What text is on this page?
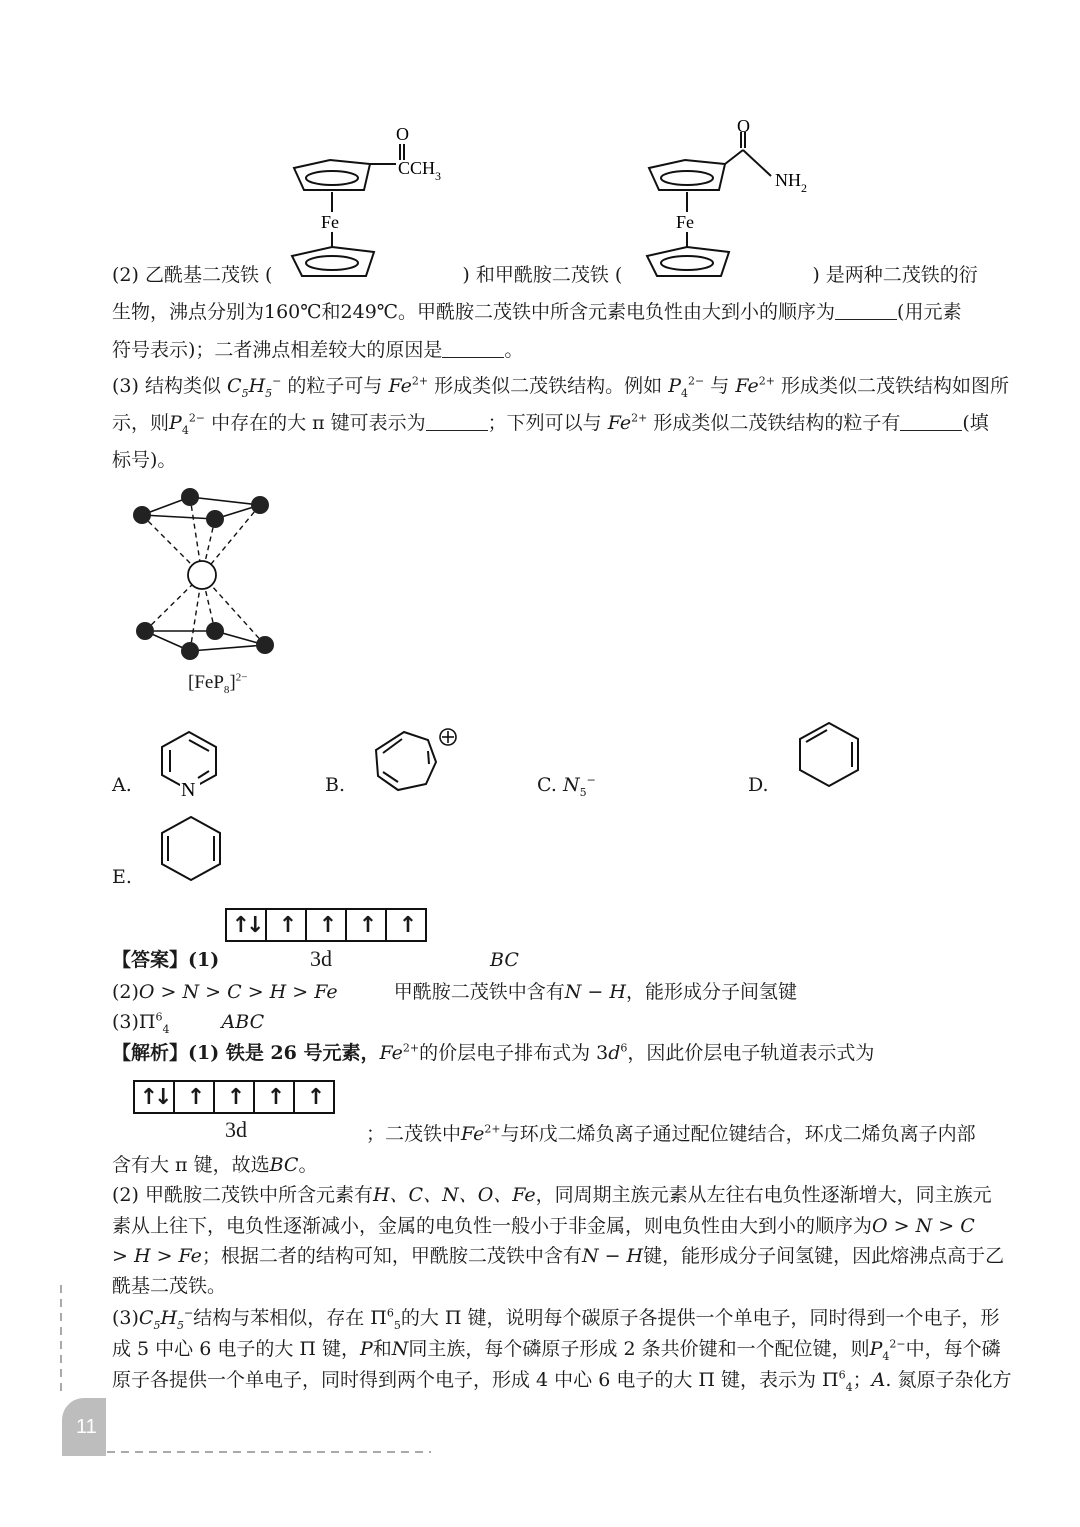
O
$CCH_3$
Fe
O
$NH_2$
Fe
(2) 乙酰基二茂铁 (	) 和甲酰胺二茂铁 (	) 是两种二茂铁的衍
生物，沸点分别为160℃和249℃。甲酰胺二茂铁中所含元素电负性由大到小的顺序为	(用元素
符号表示)；二者沸点相差较大的原因是	。
(3) 结构类似 $C_5H_5^-$ 的粒子可与 $Fe^{2+}$ 形成类似二茂铁结构。例如 $P_4^{2-}$ 与 $Fe^{2+}$ 形成类似二茂铁结构如图所
示，则$P_4^{2-}$ 中存在的大 π 键可表示为	；下列可以与 $Fe^{2+}$ 形成类似二茂铁结构的粒子有	(填
标号)。
$[FeP_8]^{2-}$
A. N	B.	C. $N_5^-$	D.
E.
↑↓ ↑	↑	↑	↑
3d
【答案】(1)	BC
(2)O > N > C > H > Fe	甲酰胺二茂铁中含有N − H，能形成分子间氢键
$(3)\Pi^6_4$	ABC
【解析】(1) 铁是 26 号元素，$Fe^{2+}$的价层电子排布式为 $3d^6$，因此价层电子轨道表示式为
↑↓ ↑	↑	↑	↑
3d	；二茂铁中$Fe^{2+}$与环戊二烯负离子通过配位键结合，环戊二烯负离子内部
含有大 π 键，故选BC。
(2) 甲酰胺二茂铁中所含元素有H、C、N、O、Fe，同周期主族元素从左往右电负性逐渐增大，同主族元
素从上往下，电负性逐渐减小，金属的电负性一般小于非金属，则电负性由大到小的顺序为O > N > C
> H > Fe；根据二者的结构可知，甲酰胺二茂铁中含有N − H键，能形成分子间氢键，因此熔沸点高于乙
酰基二茂铁。
$(3)C_5H_5^-$结构与苯相似，存在 $\Pi^6_5$的大 Π 键，说明每个碳原子各提供一个单电子，同时得到一个电子，形
成 5 中心 6 电子的大 Π 键，P和N同主族，每个磷原子形成 2 条共价键和一个配位键，则$P_4^{2-}$中，每个磷
原子各提供一个单电子，同时得到两个电子，形成 4 中心 6 电子的大 Π 键，表示为 $\Pi^6_4$；A. 氮原子杂化方
11
